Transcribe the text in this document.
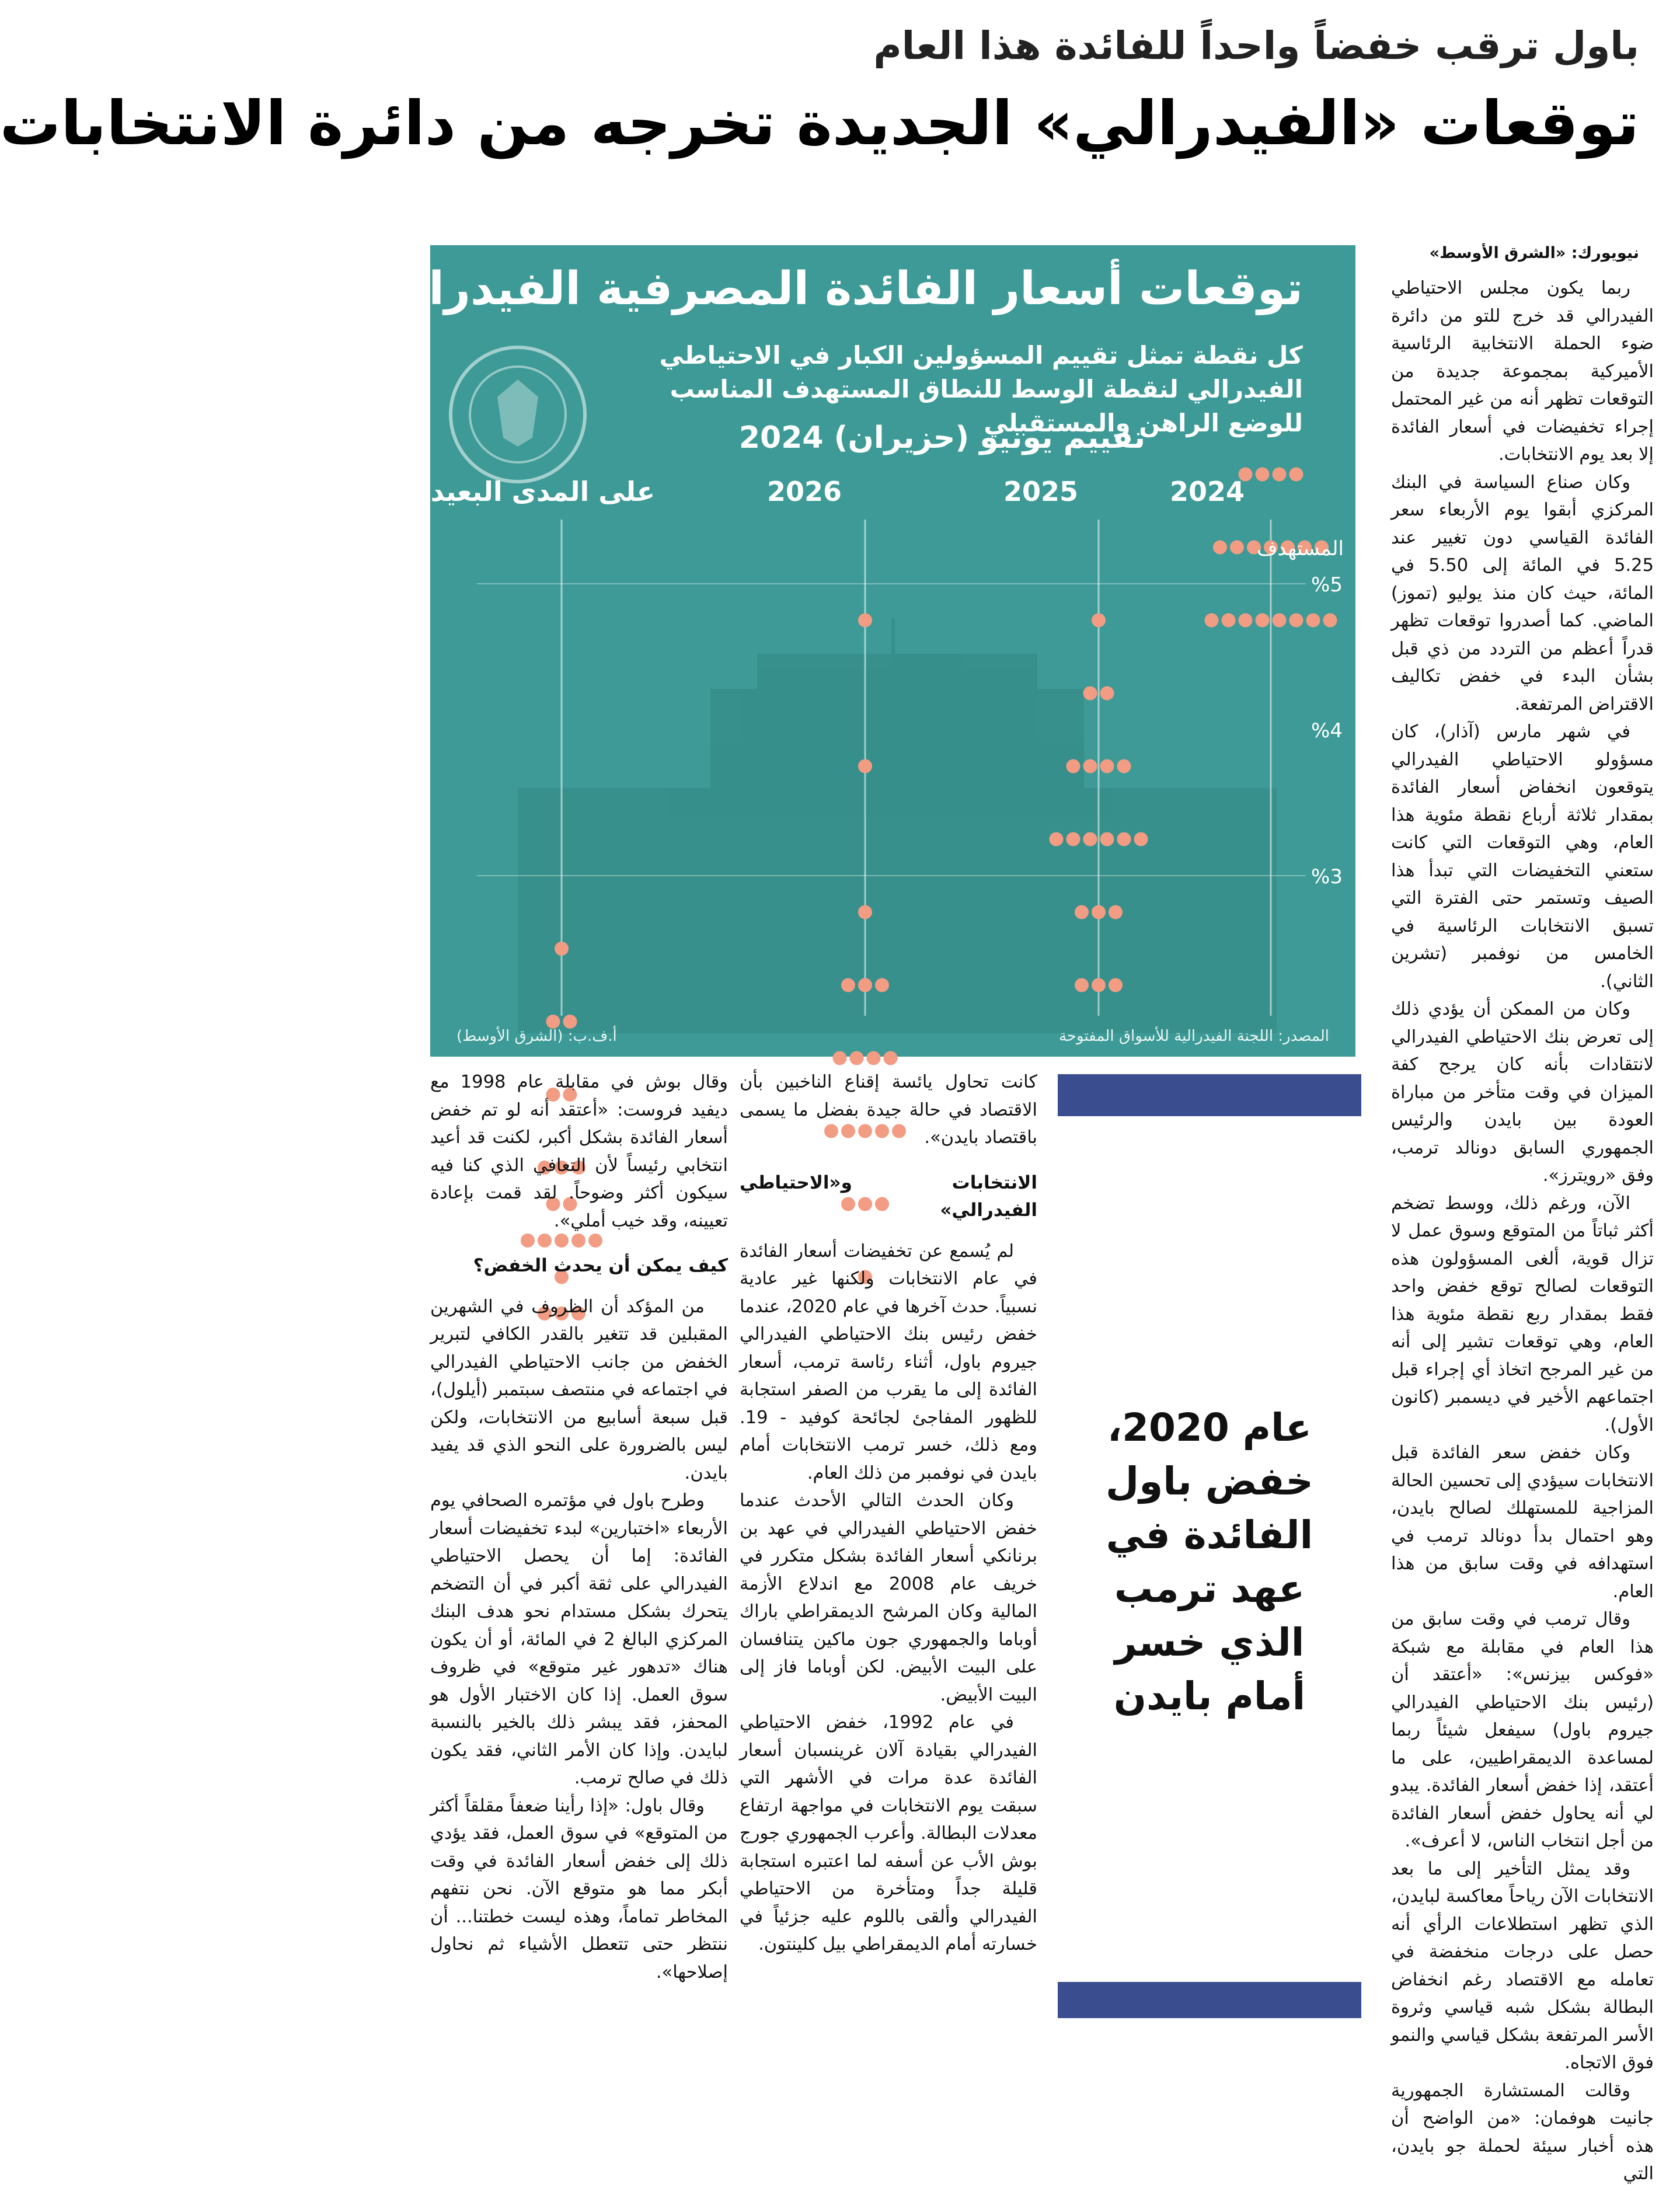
باول ترقب خفضاً واحداً للفائدة هذا العام
توقعات «الفيدرالي» الجديدة تخرجه من دائرة الانتخابات
توقعات أسعار الفائدة المصرفية الفيدرالية
كل نقطة تمثل تقييم المسؤولين الكبار في الاحتياطي الفيدرالي لنقطة الوسط للنطاق المستهدف المناسب للوضع الراهن والمستقبلي
تقييم يونيو (حزيران) 2024
2024
2025
2026
على المدى البعيد
المستهدف
%5
%4
%3
المصدر: اللجنة الفيدرالية للأسواق المفتوحة
أ.ف.ب: (الشرق الأوسط)
نيويورك: «الشرق الأوسط»

ربما يكون مجلس الاحتياطي الفيدرالي قد خرج للتو من دائرة ضوء الحملة الانتخابية الرئاسية الأميركية بمجموعة جديدة من التوقعات تظهر أنه من غير المحتمل إجراء تخفيضات في أسعار الفائدة إلا بعد يوم الانتخابات.

وكان صناع السياسة في البنك المركزي أبقوا يوم الأربعاء سعر الفائدة القياسي دون تغيير عند 5.25 في المائة إلى 5.50 في المائة، حيث كان منذ يوليو (تموز) الماضي. كما أصدروا توقعات تظهر قدراً أعظم من التردد من ذي قبل بشأن البدء في خفض تكاليف الاقتراض المرتفعة.

في شهر مارس (آذار)، كان مسؤولو الاحتياطي الفيدرالي يتوقعون انخفاض أسعار الفائدة بمقدار ثلاثة أرباع نقطة مئوية هذا العام، وهي التوقعات التي كانت ستعني التخفيضات التي تبدأ هذا الصيف وتستمر حتى الفترة التي تسبق الانتخابات الرئاسية في الخامس من نوفمبر (تشرين الثاني).

وكان من الممكن أن يؤدي ذلك إلى تعرض بنك الاحتياطي الفيدرالي لانتقادات بأنه كان يرجح كفة الميزان في وقت متأخر من مباراة العودة بين بايدن والرئيس الجمهوري السابق دونالد ترمب، وفق «رويترز».

الآن، ورغم ذلك، ووسط تضخم أكثر ثباتاً من المتوقع وسوق عمل لا تزال قوية، ألغى المسؤولون هذه التوقعات لصالح توقع خفض واحد فقط بمقدار ربع نقطة مئوية هذا العام، وهي توقعات تشير إلى أنه من غير المرجح اتخاذ أي إجراء قبل اجتماعهم الأخير في ديسمبر (كانون الأول).

وكان خفض سعر الفائدة قبل الانتخابات سيؤدي إلى تحسين الحالة المزاجية للمستهلك لصالح بايدن، وهو احتمال بدأ دونالد ترمب في استهدافه في وقت سابق من هذا العام.

وقال ترمب في وقت سابق من هذا العام في مقابلة مع شبكة «فوكس بيزنس»: «أعتقد أن (رئيس بنك الاحتياطي الفيدرالي جيروم باول) سيفعل شيئاً ربما لمساعدة الديمقراطيين، على ما أعتقد، إذا خفض أسعار الفائدة. يبدو لي أنه يحاول خفض أسعار الفائدة من أجل انتخاب الناس، لا أعرف».

وقد يمثل التأخير إلى ما بعد الانتخابات الآن رياحاً معاكسة لبايدن، الذي تظهر استطلاعات الرأي أنه حصل على درجات منخفضة في تعامله مع الاقتصاد رغم انخفاض البطالة بشكل شبه قياسي وثروة الأسر المرتفعة بشكل قياسي والنمو فوق الاتجاه.

وقالت المستشارة الجمهورية جانيت هوفمان: «من الواضح أن هذه أخبار سيئة لحملة جو بايدن، التي

عام 2020، خفض باول الفائدة في عهد ترمب الذي خسر أمام بايدن

كانت تحاول يائسة إقناع الناخبين بأن الاقتصاد في حالة جيدة بفضل ما يسمى باقتصاد بايدن».

الانتخابات و«الاحتياطي الفيدرالي»

لم يُسمع عن تخفيضات أسعار الفائدة في عام الانتخابات ولكنها غير عادية نسبياً. حدث آخرها في عام 2020، عندما خفض رئيس بنك الاحتياطي الفيدرالي جيروم باول، أثناء رئاسة ترمب، أسعار الفائدة إلى ما يقرب من الصفر استجابة للظهور المفاجئ لجائحة كوفيد - 19. ومع ذلك، خسر ترمب الانتخابات أمام بايدن في نوفمبر من ذلك العام.

وكان الحدث التالي الأحدث عندما خفض الاحتياطي الفيدرالي في عهد بن برنانكي أسعار الفائدة بشكل متكرر في خريف عام 2008 مع اندلاع الأزمة المالية وكان المرشح الديمقراطي باراك أوباما والجمهوري جون ماكين يتنافسان على البيت الأبيض. لكن أوباما فاز إلى البيت الأبيض.

في عام 1992، خفض الاحتياطي الفيدرالي بقيادة آلان غرينسبان أسعار الفائدة عدة مرات في الأشهر التي سبقت يوم الانتخابات في مواجهة ارتفاع معدلات البطالة. وأعرب الجمهوري جورج بوش الأب عن أسفه لما اعتبره استجابة قليلة جداً ومتأخرة من الاحتياطي الفيدرالي وألقى باللوم عليه جزئياً في خسارته أمام الديمقراطي بيل كلينتون.

وقال بوش في مقابلة عام 1998 مع ديفيد فروست: «أعتقد أنه لو تم خفض أسعار الفائدة بشكل أكبر، لكنت قد أعيد انتخابي رئيساً لأن التعافي الذي كنا فيه سيكون أكثر وضوحاً. لقد قمت بإعادة تعيينه، وقد خيب أملي».

كيف يمكن أن يحدث الخفض؟

من المؤكد أن الظروف في الشهرين المقبلين قد تتغير بالقدر الكافي لتبرير الخفض من جانب الاحتياطي الفيدرالي في اجتماعه في منتصف سبتمبر (أيلول)، قبل سبعة أسابيع من الانتخابات، ولكن ليس بالضرورة على النحو الذي قد يفيد بايدن.

وطرح باول في مؤتمره الصحافي يوم الأربعاء «اختبارين» لبدء تخفيضات أسعار الفائدة: إما أن يحصل الاحتياطي الفيدرالي على ثقة أكبر في أن التضخم يتحرك بشكل مستدام نحو هدف البنك المركزي البالغ 2 في المائة، أو أن يكون هناك «تدهور غير متوقع» في ظروف سوق العمل. إذا كان الاختبار الأول هو المحفز، فقد يبشر ذلك بالخير بالنسبة لبايدن. وإذا كان الأمر الثاني، فقد يكون ذلك في صالح ترمب.

وقال باول: «إذا رأينا ضعفاً مقلقاً أكثر من المتوقع» في سوق العمل، فقد يؤدي ذلك إلى خفض أسعار الفائدة في وقت أبكر مما هو متوقع الآن. نحن نتفهم المخاطر تماماً، وهذه ليست خطتنا... أن ننتظر حتى تتعطل الأشياء ثم نحاول إصلاحها».
